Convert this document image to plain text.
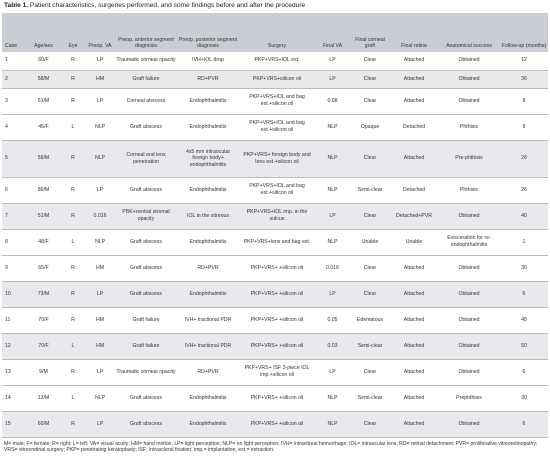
Table 1. Patient characteristics, surgeries performed, and some findings before and after the procedure
Case	Age/sex	Eye	Preop. VA	Preop. anterior segment diagnosis	Preop. posterior segment diagnosis	Surgery	Final VA	Final corneal graft	Final retina	Anatomical success	Follow-up (months)
1	60/F	R	LP	Traumatic corneal opacity	IVH+IOL drop	PKP+VRS+IOL ext.	LP	Clear	Attached	Obtained	12
2	58/M	R	HM	Graft failure	RD+PVR	PKP+VRS+silicon oil	LP	Clear	Attached	Obtained	36
3	51/M	R	LP	Corneal abscess	Endophthalmitis	PKP+VRS+IOL and bag ext.+silicon oil	0.08	Clear	Attached	Obtained	8
4	45/F	L	NLP	Graft abscess	Endophthalmitis	PKP+VRS+IOL and bag ext.+silicon oil	NLP	Opaque	Detached	Phthisis	9
5	56/M	R	NLP	Corneal and lens penetration	4x5 mm intraocular foreign body+ endophthalmitis	PKP+VRS+ foreign body and lens ext.+silicon oil	NLP	Clear	Attached	Pre-phthisis	28
6	80/M	R	LP	Graft abscess	Endophthalmitis	PKP+VRS+IOL and bag ext.+silicon oil	NLP	Semi-clear	Detached	Phthisis	26
7	51/M	R	0.016	PBK+central stromal opacity	IOL in the vitreous	PKP+VRS+IOL imp. in the sulcus	LP	Clear	Detached+PVR	Obtained	40
8	48/F	L	NLP	Graft abscess	Endophthalmitis	PKP+VRS+lens and bag ext.	NLP	Unable	Unable	Evisceration for re-endophthalmitis	1
9	65/F	R	HM	Graft abscess	RD+PVR	PKP+VRS+ +silicon oil	0.016	Clear	Attached	Obtained	30
10	73/M	R	LP	Graft abscess	Endophthalmitis	PKP+VRS+ +silicon oil	LP	Clear	Attached	Obtained	6
11	70/F	R	HM	Graft failure	IVH+ tractional PDR	PKP+VRS+ +silicon oil	0.05	Edematous	Attached	Obtained	48
12	70/F	L	HM	Graft failure	IVH+ tractional PDR	PKP+VRS+ +silicon oil	0.03	Semi-clear	Attached	Obtained	50
13	9/M	R	LP	Traumatic corneal opacity	RD+PVR	PKP+VRS+ ISF 3-piece IOL imp.+silicon oil	LP	Clear	Attached	Obtained	6
14	13/M	L	NLP	Graft abscess	Endophthalmitis	PKP+VRS+ +silicon oil	NLP	Semi-clear	Attached	Prephthisis	30
15	60/M	R	LP	Graft abscess	Endophthalmitis	PKP+VRS+ +silicon oil	NLP	Clear	Attached	Obtained	6
M= male; F= female; R= right; L= left; VA= visual acuity; HM= hand motion; LP= light perception; NLP= no light perception; IVH= intravitreal hemorrhage; IOL= intraocular lens; RD= retinal detachment; PVR= proliferative vitreoretinopathy; VRS= vitreoretinal surgery; PKP= penetrating keratoplasty; ISF; intrascleral fixation; imp.= implantation, ext.= extraction.
